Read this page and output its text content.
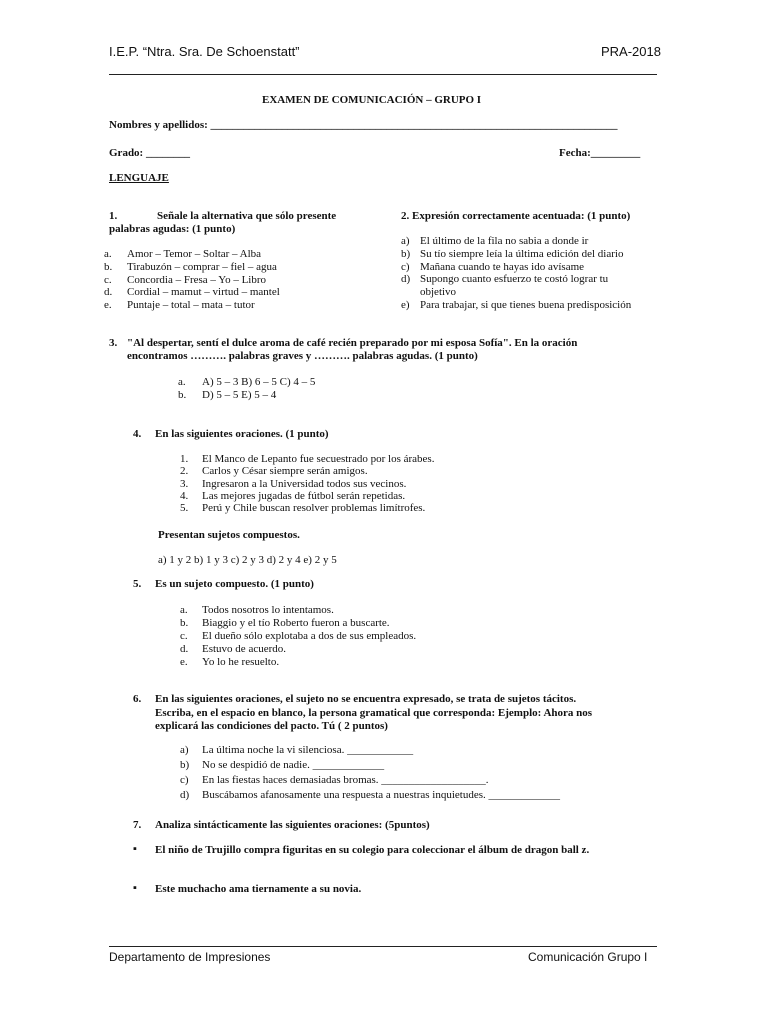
I.E.P. “Ntra. Sra. De Schoenstatt”	PRA-2018
EXAMEN DE COMUNICACIÓN – GRUPO I
Nombres y apellidos: __________________________________________________________________________
Grado: ________	Fecha:_________
LENGUAJE
1.	Señale la alternativa que sólo presente
palabras agudas: (1 punto)
a. Amor – Temor – Soltar – Alba
b. Tirabuzón – comprar – fiel – agua
c. Concordia – Fresa – Yo – Libro
d. Cordial – mamut – virtud – mantel
e. Puntaje – total – mata – tutor
2. Expresión correctamente acentuada: (1 punto)
a) El último de la fila no sabia a donde ir
b) Su tío siempre leía la última edición del diario
c) Mañana cuando te hayas ido avísame
d) Supongo cuanto esfuerzo te costó lograr tu
objetivo
e) Para trabajar, si que tienes buena predisposición
3. "Al despertar, sentí el dulce aroma de café recién preparado por mi esposa Sofía". En la oración
encontramos ………. palabras graves y ………. palabras agudas. (1 punto)
a. A) 5 – 3 B) 6 – 5 C) 4 – 5
b. D) 5 – 5 E) 5 – 4
4. En las siguientes oraciones. (1 punto)
1. El Manco de Lepanto fue secuestrado por los árabes.
2. Carlos y César siempre serán amigos.
3. Ingresaron a la Universidad todos sus vecinos.
4. Las mejores jugadas de fútbol serán repetidas.
5. Perú y Chile buscan resolver problemas limítrofes.
Presentan sujetos compuestos.
a) 1 y 2 b) 1 y 3 c) 2 y 3 d) 2 y 4 e) 2 y 5
5. Es un sujeto compuesto. (1 punto)
a. Todos nosotros lo intentamos.
b. Biaggio y el tío Roberto fueron a buscarte.
c. El dueño sólo explotaba a dos de sus empleados.
d. Estuvo de acuerdo.
e. Yo lo he resuelto.
6. En las siguientes oraciones, el sujeto no se encuentra expresado, se trata de sujetos tácitos.
Escriba, en el espacio en blanco, la persona gramatical que corresponda: Ejemplo: Ahora nos
explicará las condiciones del pacto. Tú ( 2 puntos)
a) La última noche la vi silenciosa. ____________
b) No se despidió de nadie. _____________
c) En las fiestas haces demasiadas bromas. ___________________.
d) Buscábamos afanosamente una respuesta a nuestras inquietudes. _____________
7. Analiza sintácticamente las siguientes oraciones: (5puntos)
▪ El niño de Trujillo compra figuritas en su colegio para coleccionar el álbum de dragon ball z.
▪ Este muchacho ama tiernamente a su novia.
Departamento de Impresiones	Comunicación Grupo I
